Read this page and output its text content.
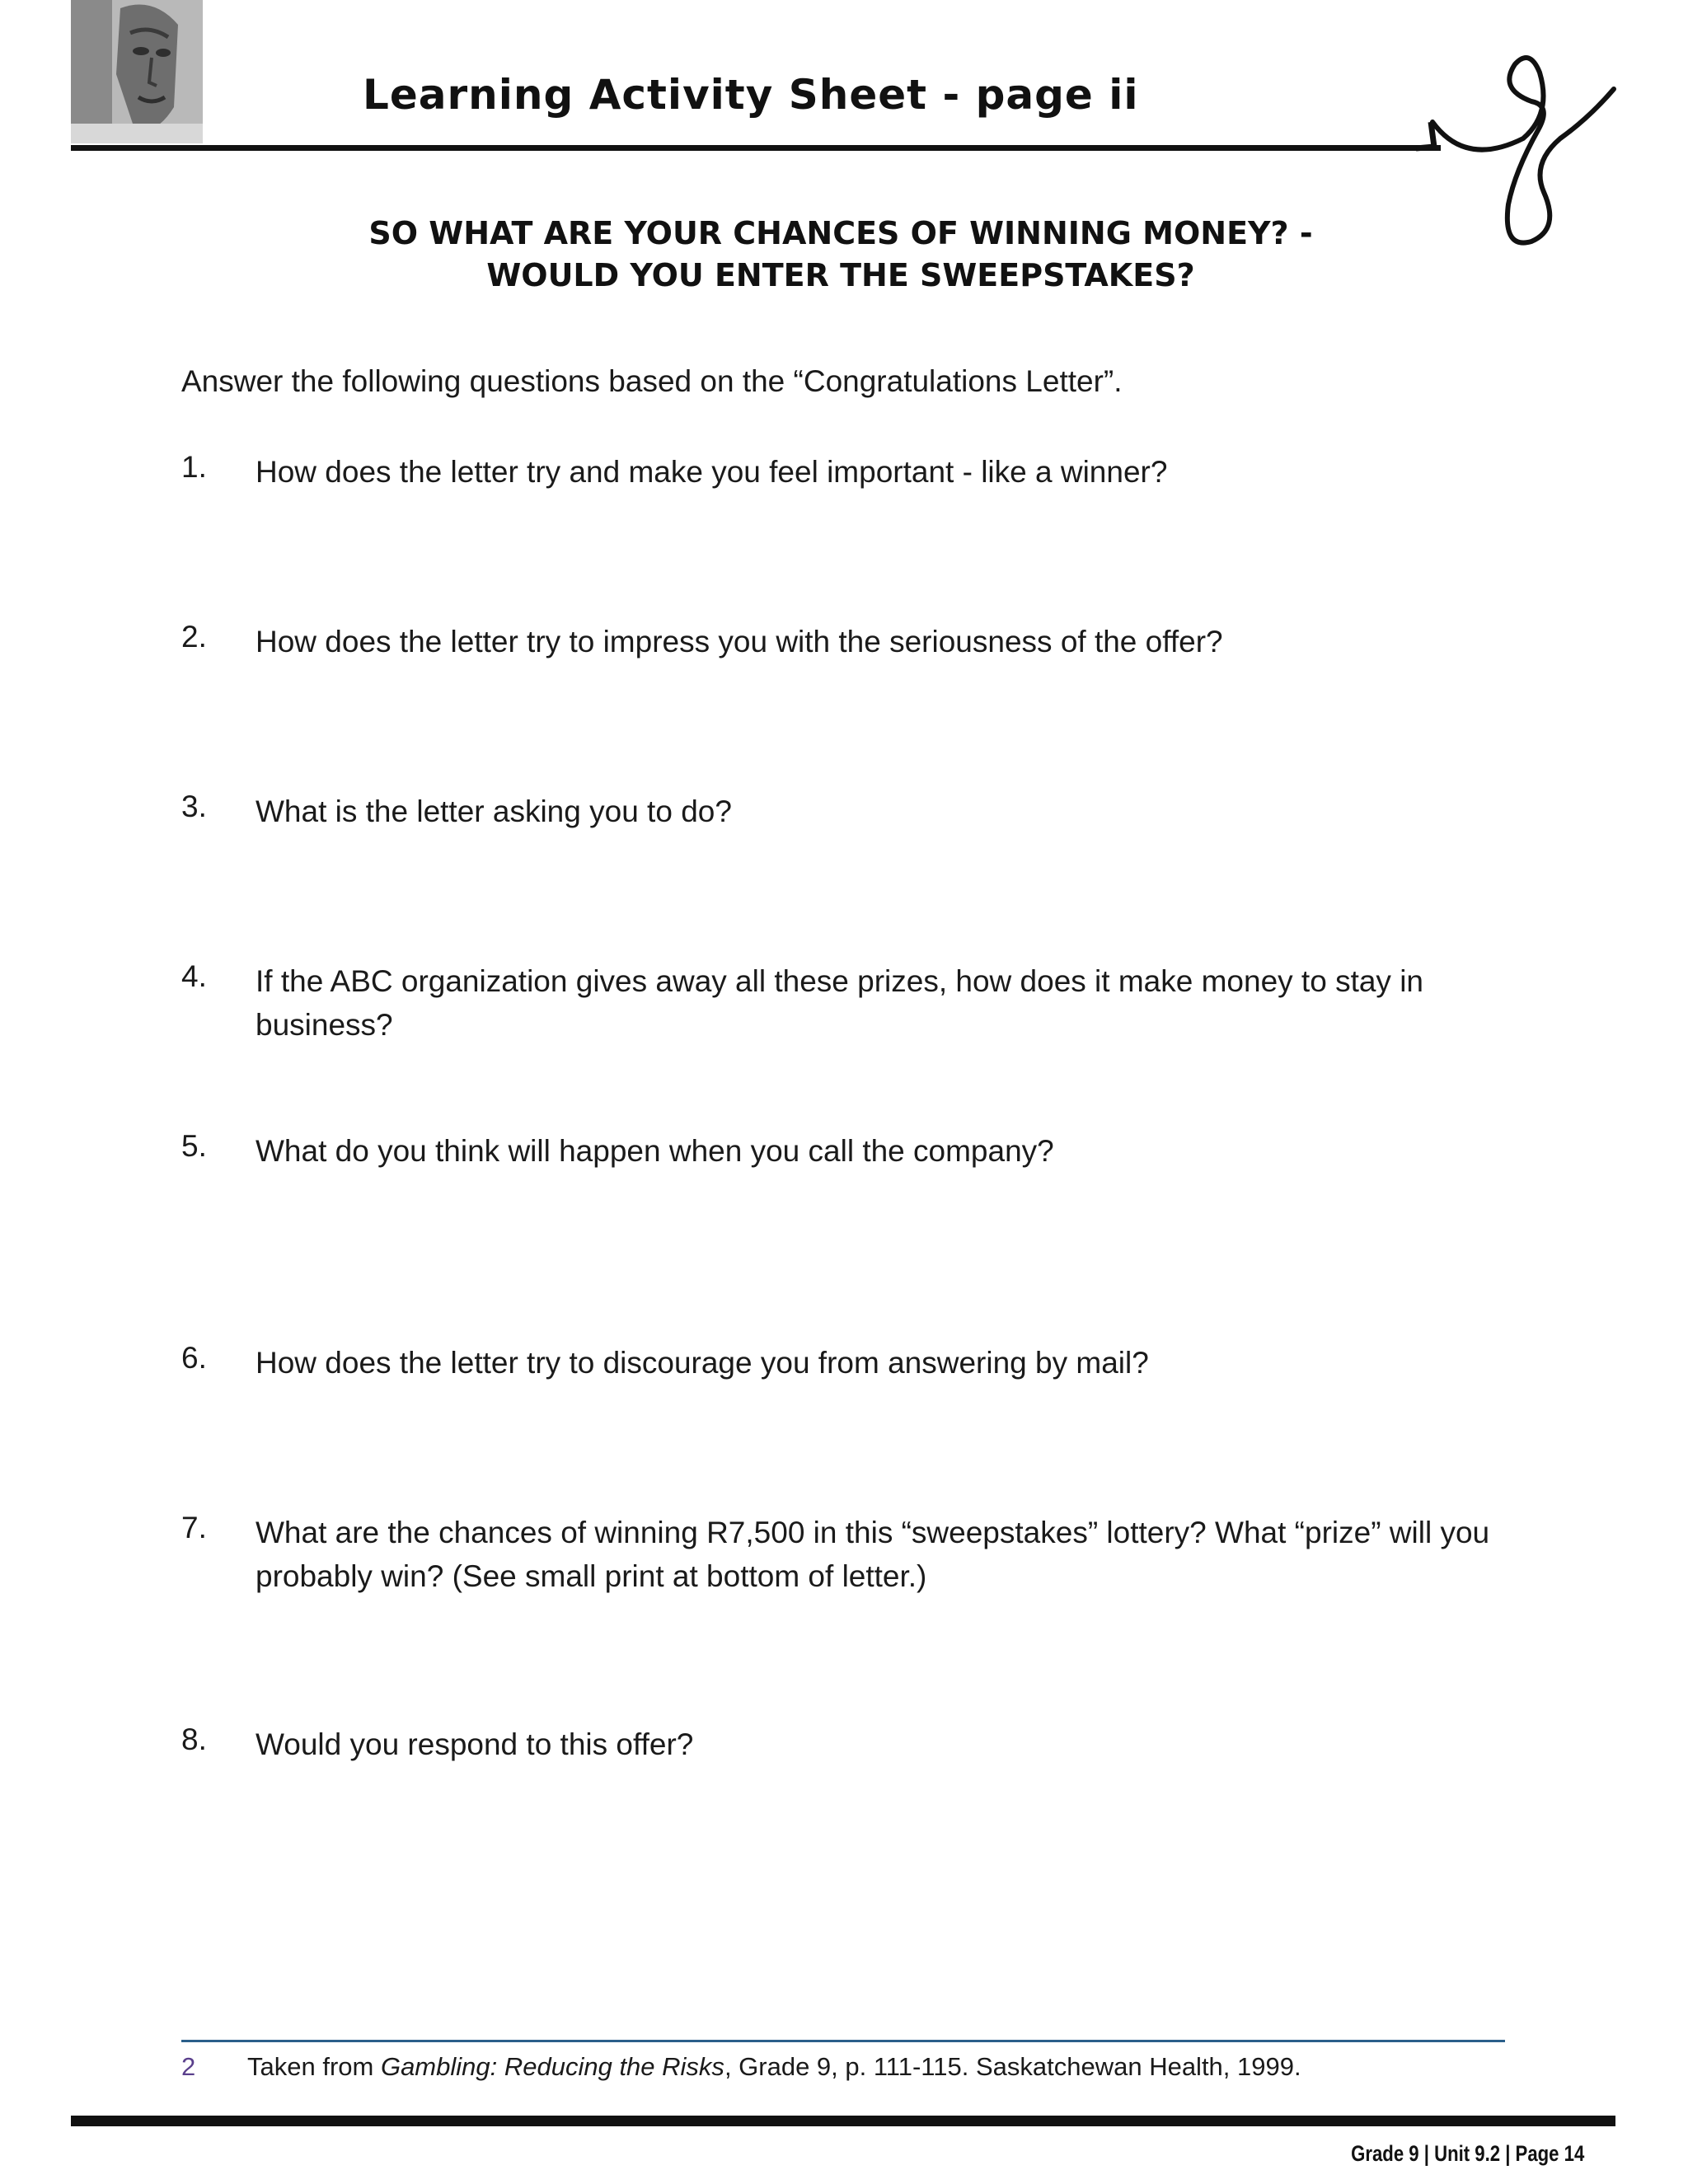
Learning Activity Sheet - page ii
SO WHAT ARE YOUR CHANCES OF WINNING MONEY? -
WOULD YOU ENTER THE SWEEPSTAKES?
Answer the following questions based on the “Congratulations Letter”.
1. How does the letter try and make you feel important - like a winner?
2. How does the letter try to impress you with the seriousness of the offer?
3. What is the letter asking you to do?
4. If the ABC organization gives away all these prizes, how does it make money to stay in business?
5. What do you think will happen when you call the company?
6. How does the letter try to discourage you from answering by mail?
7. What are the chances of winning R7,500 in this “sweepstakes” lottery? What “prize” will you probably win? (See small print at bottom of letter.)
8. Would you respond to this offer?
2 Taken from Gambling: Reducing the Risks, Grade 9, p. 111-115. Saskatchewan Health, 1999.
Grade 9 | Unit 9.2 | Page 14
